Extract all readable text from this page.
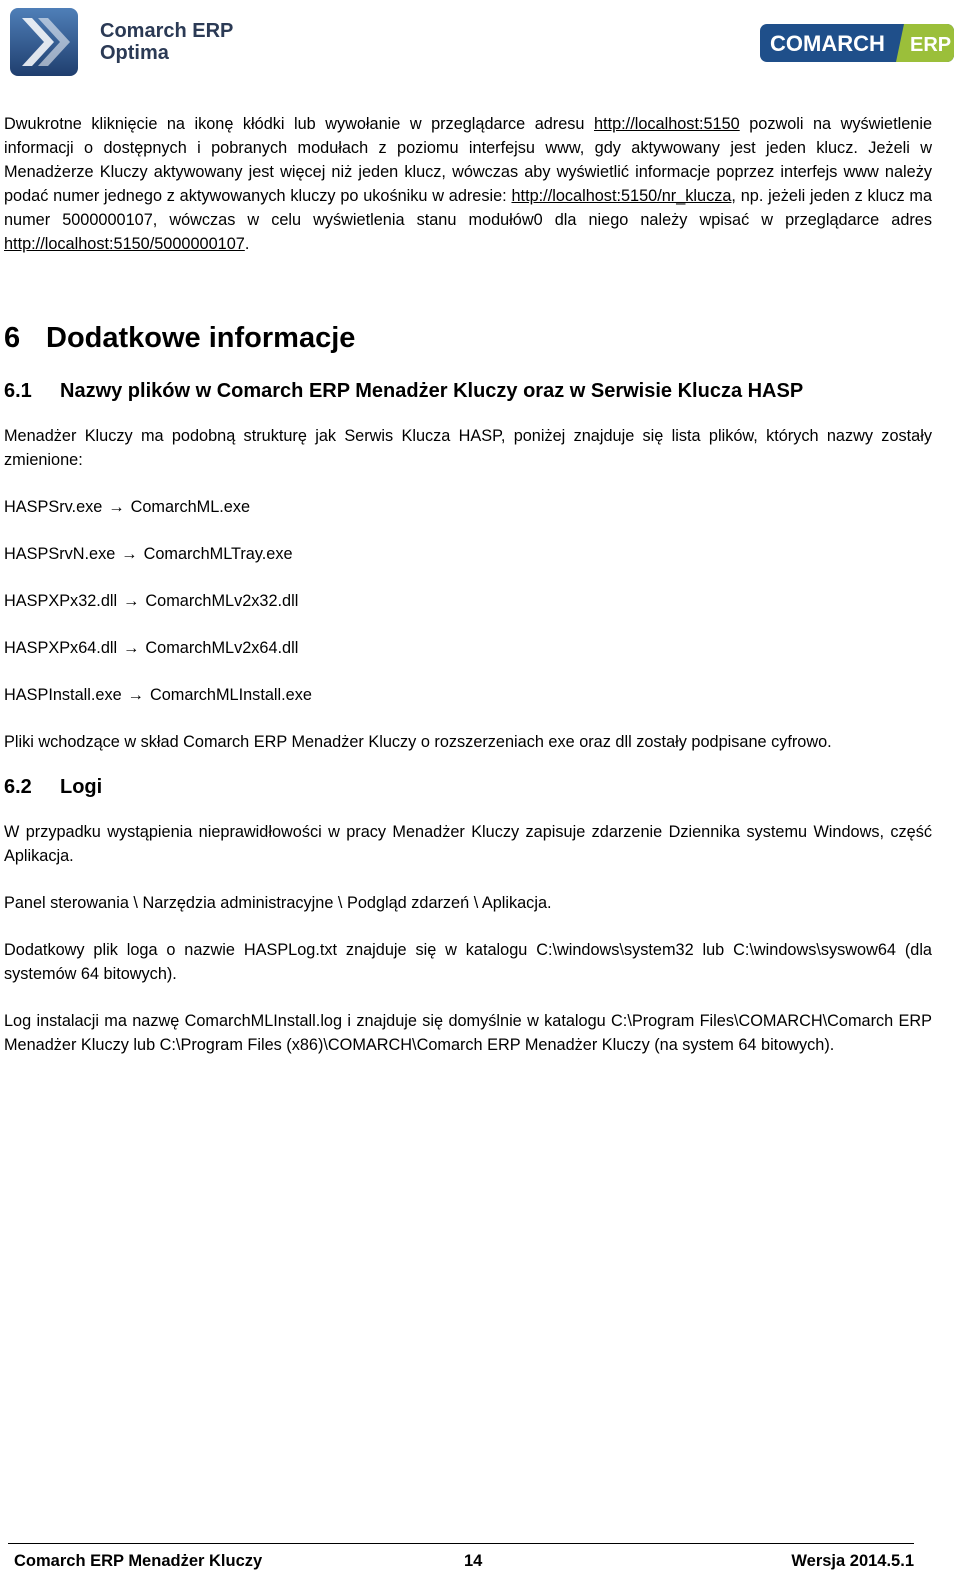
Comarch ERP
Optima	COMARCH ERP

Dwukrotne kliknięcie na ikonę kłódki lub wywołanie w przeglądarce adresu http://localhost:5150 pozwoli na wyświetlenie informacji o dostępnych i pobranych modułach z poziomu interfejsu www, gdy aktywowany jest jeden klucz. Jeżeli w Menadżerze Kluczy aktywowany jest więcej niż jeden klucz, wówczas aby wyświetlić informacje poprzez interfejs www należy podać numer jednego z aktywowanych kluczy po ukośniku w adresie: http://localhost:5150/nr_klucza, np. jeżeli jeden z klucz ma numer 5000000107, wówczas w celu wyświetlenia stanu modułów0 dla niego należy wpisać w przeglądarce adres http://localhost:5150/5000000107.

6 Dodatkowe informacje
6.1 Nazwy plików w Comarch ERP Menadżer Kluczy oraz w Serwisie Klucza HASP

Menadżer Kluczy ma podobną strukturę jak Serwis Klucza HASP, poniżej znajduje się lista plików, których nazwy zostały zmienione:

HASPSrv.exe → ComarchML.exe

HASPSrvN.exe → ComarchMLTray.exe

HASPXPx32.dll → ComarchMLv2x32.dll

HASPXPx64.dll → ComarchMLv2x64.dll

HASPInstall.exe → ComarchMLInstall.exe

Pliki wchodzące w skład Comarch ERP Menadżer Kluczy o rozszerzeniach exe oraz dll zostały podpisane cyfrowo.

6.2 Logi

W przypadku wystąpienia nieprawidłowości w pracy Menadżer Kluczy zapisuje zdarzenie Dziennika systemu Windows, część Aplikacja.

Panel sterowania \ Narzędzia administracyjne \ Podgląd zdarzeń \ Aplikacja.

Dodatkowy plik loga o nazwie HASPLog.txt znajduje się w katalogu C:\windows\system32 lub C:\windows\syswow64 (dla systemów 64 bitowych).

Log instalacji ma nazwę ComarchMLInstall.log i znajduje się domyślnie w katalogu C:\Program Files\COMARCH\Comarch ERP Menadżer Kluczy lub C:\Program Files (x86)\COMARCH\Comarch ERP Menadżer Kluczy (na system 64 bitowych).

Comarch ERP Menadżer Kluczy	14	Wersja 2014.5.1
